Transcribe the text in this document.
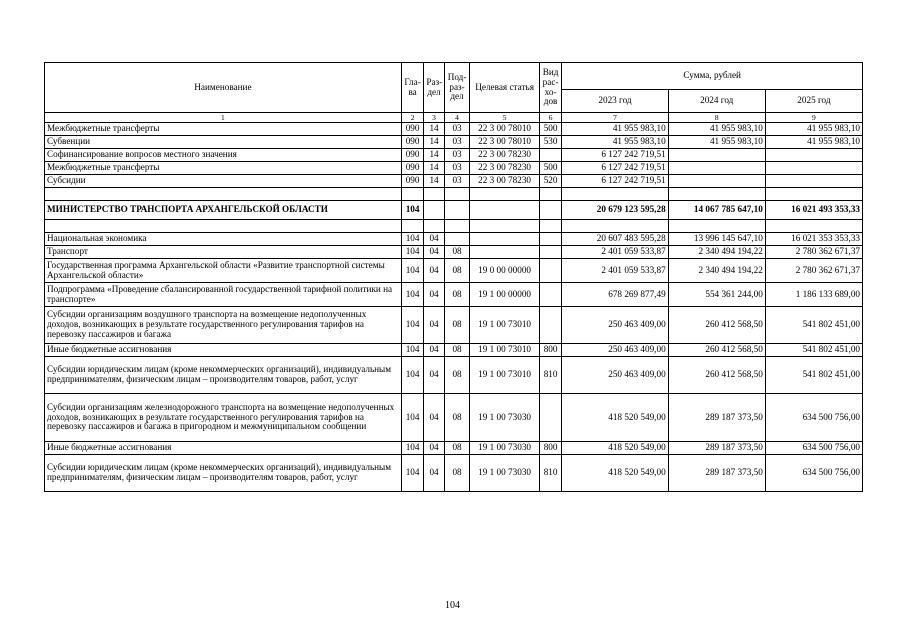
Наименование	Гла-ва	Раз-дел	Под-раз-дел	Целевая статья	Вид рас-хо-дов	Сумма, рублей		
						2023 год	2024 год	2025 год
1	2	3	4	5	6	7	8	9
Межбюджетные трансферты	090	14	03	22 3 00 78010	500	41 955 983,10	41 955 983,10	41 955 983,10
Субвенции	090	14	03	22 3 00 78010	530	41 955 983,10	41 955 983,10	41 955 983,10
Софинансирование вопросов местного значения	090	14	03	22 3 00 78230		6 127 242 719,51		
Межбюджетные трансферты	090	14	03	22 3 00 78230	500	6 127 242 719,51		
Субсидии	090	14	03	22 3 00 78230	520	6 127 242 719,51		

МИНИСТЕРСТВО ТРАНСПОРТА АРХАНГЕЛЬСКОЙ ОБЛАСТИ	104					20 679 123 595,28	14 067 785 647,10	16 021 493 353,33

Национальная экономика	104	04				20 607 483 595,28	13 996 145 647,10	16 021 353 353,33
Транспорт	104	04	08			2 401 059 533,87	2 340 494 194,22	2 780 362 671,37
Государственная программа Архангельской области «Развитие транспортной системы Архангельской области»	104	04	08	19 0 00 00000		2 401 059 533,87	2 340 494 194,22	2 780 362 671,37
Подпрограмма «Проведение сбалансированной государственной тарифной политики на транспорте»	104	04	08	19 1 00 00000		678 269 877,49	554 361 244,00	1 186 133 689,00
Субсидии организациям воздушного транспорта на возмещение недополученных доходов, возникающих в результате государственного регулирования тарифов на перевозку пассажиров и багажа	104	04	08	19 1 00 73010		250 463 409,00	260 412 568,50	541 802 451,00
Иные бюджетные ассигнования	104	04	08	19 1 00 73010	800	250 463 409,00	260 412 568,50	541 802 451,00
Субсидии юридическим лицам (кроме некоммерческих организаций), индивидуальным предпринимателям, физическим лицам – производителям товаров, работ, услуг	104	04	08	19 1 00 73010	810	250 463 409,00	260 412 568,50	541 802 451,00
Субсидии организациям железнодорожного транспорта на возмещение недополученных доходов, возникающих в результате государственного регулирования тарифов на перевозку пассажиров и багажа в пригородном и межмуниципальном сообщении	104	04	08	19 1 00 73030		418 520 549,00	289 187 373,50	634 500 756,00
Иные бюджетные ассигнования	104	04	08	19 1 00 73030	800	418 520 549,00	289 187 373,50	634 500 756,00
Субсидии юридическим лицам (кроме некоммерческих организаций), индивидуальным предпринимателям, физическим лицам – производителям товаров, работ, услуг	104	04	08	19 1 00 73030	810	418 520 549,00	289 187 373,50	634 500 756,00
104
